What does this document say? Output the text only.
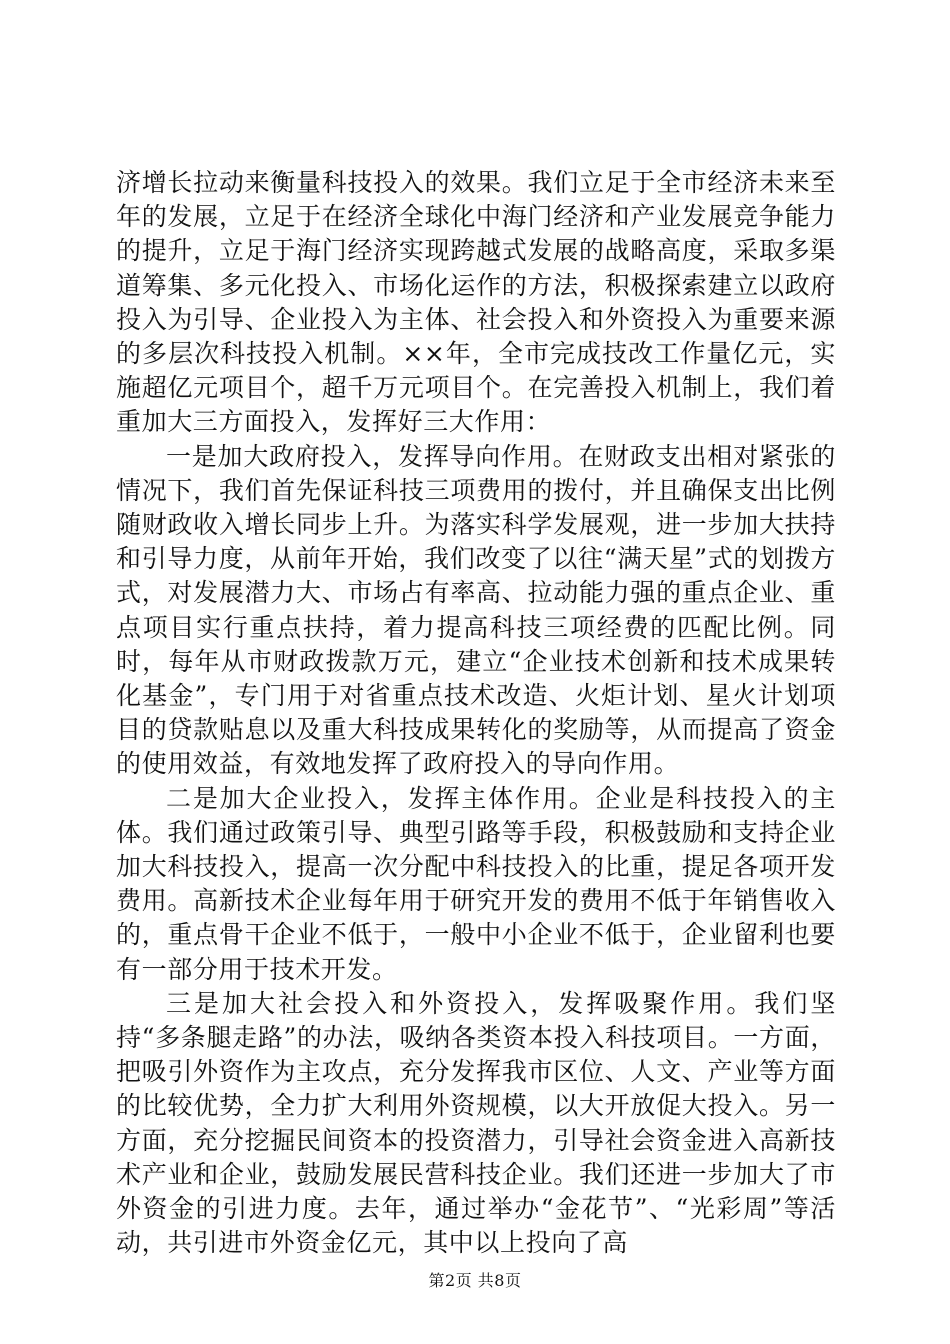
济增长拉动来衡量科技投入的效果。我们立足于全市经济未来至年的发展，立足于在经济全球化中海门经济和产业发展竞争能力的提升，立足于海门经济实现跨越式发展的战略高度，采取多渠道筹集、多元化投入、市场化运作的方法，积极探索建立以政府投入为引导、企业投入为主体、社会投入和外资投入为重要来源的多层次科技投入机制。××年，全市完成技改工作量亿元，实施超亿元项目个，超千万元项目个。在完善投入机制上，我们着重加大三方面投入，发挥好三大作用：

一是加大政府投入，发挥导向作用。在财政支出相对紧张的情况下，我们首先保证科技三项费用的拨付，并且确保支出比例随财政收入增长同步上升。为落实科学发展观，进一步加大扶持和引导力度，从前年开始，我们改变了以往“满天星”式的划拨方式，对发展潜力大、市场占有率高、拉动能力强的重点企业、重点项目实行重点扶持，着力提高科技三项经费的匹配比例。同时，每年从市财政拨款万元，建立“企业技术创新和技术成果转化基金”，专门用于对省重点技术改造、火炬计划、星火计划项目的贷款贴息以及重大科技成果转化的奖励等，从而提高了资金的使用效益，有效地发挥了政府投入的导向作用。

二是加大企业投入，发挥主体作用。企业是科技投入的主体。我们通过政策引导、典型引路等手段，积极鼓励和支持企业加大科技投入，提高一次分配中科技投入的比重，提足各项开发费用。高新技术企业每年用于研究开发的费用不低于年销售收入的，重点骨干企业不低于，一般中小企业不低于，企业留利也要有一部分用于技术开发。

三是加大社会投入和外资投入，发挥吸聚作用。我们坚持“多条腿走路”的办法，吸纳各类资本投入科技项目。一方面，把吸引外资作为主攻点，充分发挥我市区位、人文、产业等方面的比较优势，全力扩大利用外资规模，以大开放促大投入。另一方面，充分挖掘民间资本的投资潜力，引导社会资金进入高新技术产业和企业，鼓励发展民营科技企业。我们还进一步加大了市外资金的引进力度。去年，通过举办“金花节”、“光彩周”等活动，共引进市外资金亿元，其中以上投向了高

第2页 共8页
